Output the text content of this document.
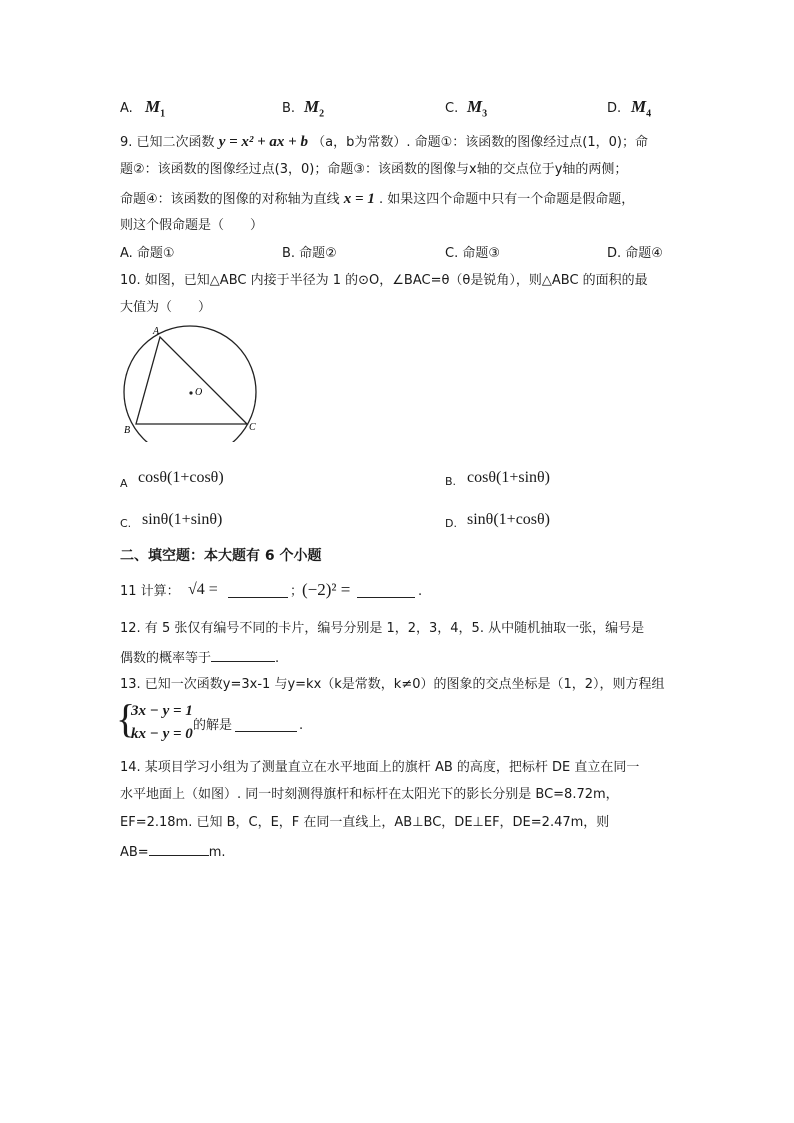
A. $M_1$	B. $M_2$	C. $M_3$	D. $M_4$
9. 已知二次函数 y = x² + ax + b （a，b为常数）. 命题①：该函数的图像经过点(1，0)；命
题②：该函数的图像经过点(3，0)；命题③：该函数的图像与x轴的交点位于y轴的两侧；
命题④：该函数的图像的对称轴为直线 x = 1 . 如果这四个命题中只有一个命题是假命题，
则这个假命题是（　　）
A. 命题①	B. 命题②	C. 命题③	D. 命题④
10. 如图，已知△ABC 内接于半径为 1 的⊙O，∠BAC=θ（θ是锐角），则△ABC 的面积的最
大值为（　　）
A
B	C
O
A cosθ(1+cosθ)	B. cosθ(1+sinθ)
C. sinθ(1+sinθ)	D. sinθ(1+cosθ)
二、填空题：本大题有 6 个小题
11 计算： √4 =	；
(−2)² =	.
12. 有 5 张仅有编号不同的卡片，编号分别是 1，2，3，4，5. 从中随机抽取一张，编号是
偶数的概率等于	.
13. 已知一次函数y=3x-1 与y=kx（k是常数，k≠0）的图象的交点坐标是（1，2），则方程组
{
3x − y = 1
kx − y = 0
的解是	.
14. 某项目学习小组为了测量直立在水平地面上的旗杆 AB 的高度，把标杆 DE 直立在同一
水平地面上（如图）. 同一时刻测得旗杆和标杆在太阳光下的影长分别是 BC=8.72m，
EF=2.18m. 已知 B，C，E，F 在同一直线上，AB⊥BC，DE⊥EF，DE=2.47m，则
AB=	m.
